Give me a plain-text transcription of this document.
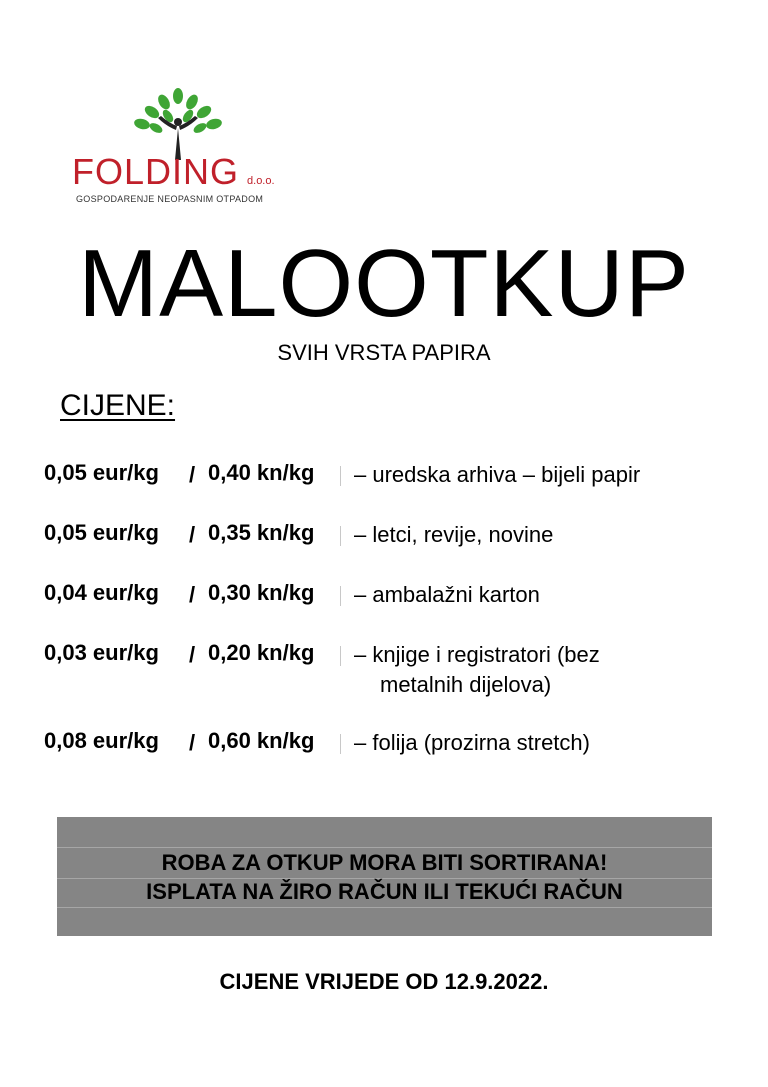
FOLDING d.o.o.
GOSPODARENJE NEOPASNIM OTPADOM
MALOOTKUP
SVIH VRSTA PAPIRA
CIJENE:
0,05 eur/kg / 0,40 kn/kg – uredska arhiva – bijeli papir
0,05 eur/kg / 0,35 kn/kg – letci, revije, novine
0,04 eur/kg / 0,30 kn/kg – ambalažni karton
0,03 eur/kg / 0,20 kn/kg – knjige i registratori (bez
metalnih dijelova)
0,08 eur/kg / 0,60 kn/kg – folija (prozirna stretch)
ROBA ZA OTKUP MORA BITI SORTIRANA!
ISPLATA NA ŽIRO RAČUN ILI TEKUĆI RAČUN
CIJENE VRIJEDE OD 12.9.2022.
